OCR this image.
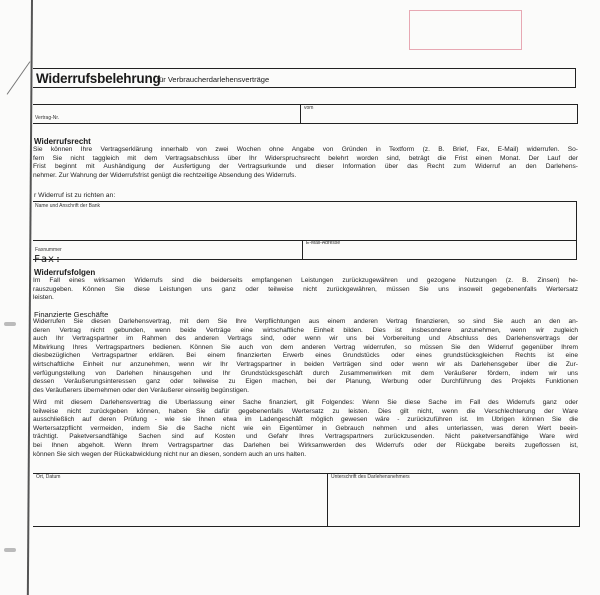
Widerrufsbelehrung
für Verbraucherdarlehensverträge
Vertrag-Nr.
vom
Widerrufsrecht
Sie können Ihre Vertragserklärung innerhalb von zwei Wochen ohne Angabe von Gründen in Textform (z. B. Brief, Fax, E-Mail) widerrufen. So-
fern Sie nicht taggleich mit dem Vertragsabschluss über Ihr Widerspruchsrecht belehrt worden sind, beträgt die Frist einen Monat. Der Lauf der
Frist beginnt mit Aushändigung der Ausfertigung der Vertragsurkunde und dieser Information über das Recht zum Widerruf an den Darlehens-
nehmer. Zur Wahrung der Widerrufsfrist genügt die rechtzeitige Absendung des Widerrufs.
r Widerruf ist zu richten an:
Name und Anschrift der Bank
Faxnummer
E-Mail-Adresse
Fax:
Widerrufsfolgen
Im Fall eines wirksamen Widerrufs sind die beiderseits empfangenen Leistungen zurückzugewähren und gezogene Nutzungen (z. B. Zinsen) he-
rauszugeben. Können Sie diese Leistungen uns ganz oder teilweise nicht zurückgewähren, müssen Sie uns insoweit gegebenenfalls Wertersatz
leisten.
Finanzierte Geschäfte
Widerrufen Sie diesen Darlehensvertrag, mit dem Sie Ihre Verpflichtungen aus einem anderen Vertrag finanzieren, so sind Sie auch an den an-
deren Vertrag nicht gebunden, wenn beide Verträge eine wirtschaftliche Einheit bilden. Dies ist insbesondere anzunehmen, wenn wir zugleich
auch Ihr Vertragspartner im Rahmen des anderen Vertrags sind, oder wenn wir uns bei Vorbereitung und Abschluss des Darlehensvertrags der
Mitwirkung Ihres Vertragspartners bedienen. Können Sie auch von dem anderen Vertrag widerrufen, so müssen Sie den Widerruf gegenüber Ihrem
diesbezüglichen Vertragspartner erklären. Bei einem finanzierten Erwerb eines Grundstücks oder eines grundstücksgleichen Rechts ist eine
wirtschaftliche Einheit nur anzunehmen, wenn wir Ihr Vertragspartner in beiden Verträgen sind oder wenn wir als Darlehensgeber über die Zur-
verfügungstellung von Darlehen hinausgehen und Ihr Grundstücksgeschäft durch Zusammenwirken mit dem Veräußerer fördern, indem wir uns
dessen Veräußerungsinteressen ganz oder teilweise zu Eigen machen, bei der Planung, Werbung oder Durchführung des Projekts Funktionen
des Veräußerers übernehmen oder den Veräußerer einseitig begünstigen.
Wird mit diesem Darlehensvertrag die Überlassung einer Sache finanziert, gilt Folgendes: Wenn Sie diese Sache im Fall des Widerrufs ganz oder
teilweise nicht zurückgeben können, haben Sie dafür gegebenenfalls Wertersatz zu leisten. Dies gilt nicht, wenn die Verschlechterung der Ware
ausschließlich auf deren Prüfung - wie sie Ihnen etwa im Ladengeschäft möglich gewesen wäre - zurückzuführen ist. Im Übrigen können Sie die
Wertersatzpflicht vermeiden, indem Sie die Sache nicht wie ein Eigentümer in Gebrauch nehmen und alles unterlassen, was deren Wert beein-
trächtigt. Paketversandfähige Sachen sind auf Kosten und Gefahr Ihres Vertragspartners zurückzusenden. Nicht paketversandfähige Ware wird
bei Ihnen abgeholt. Wenn Ihrem Vertragspartner das Darlehen bei Wirksamwerden des Widerrufs oder der Rückgabe bereits zugeflossen ist,
können Sie sich wegen der Rückabwicklung nicht nur an diesen, sondern auch an uns halten.
Ort, Datum	Unterschrift des Darlehensnehmers
